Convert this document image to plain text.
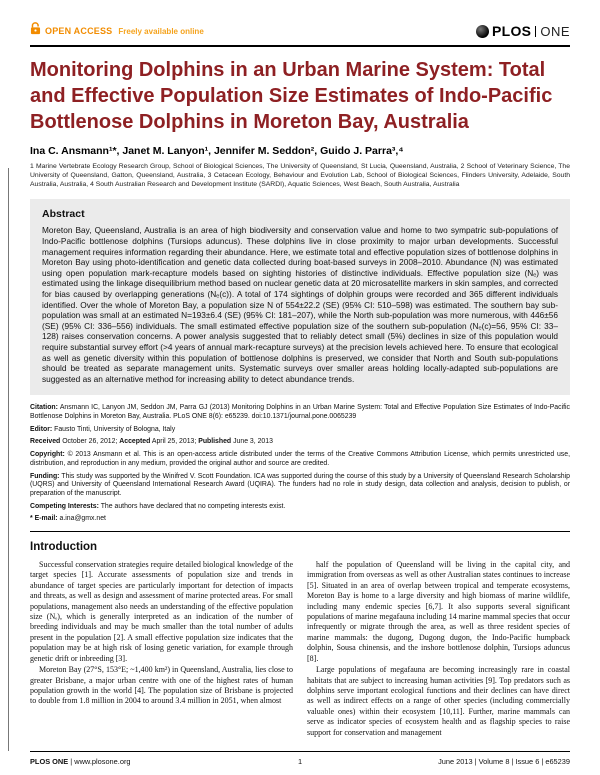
OPEN ACCESS Freely available online	PLOS ONE
Monitoring Dolphins in an Urban Marine System: Total and Effective Population Size Estimates of Indo-Pacific Bottlenose Dolphins in Moreton Bay, Australia
Ina C. Ansmann¹*, Janet M. Lanyon¹, Jennifer M. Seddon², Guido J. Parra³,⁴
1 Marine Vertebrate Ecology Research Group, School of Biological Sciences, The University of Queensland, St Lucia, Queensland, Australia, 2 School of Veterinary Science, The University of Queensland, Gatton, Queensland, Australia, 3 Cetacean Ecology, Behaviour and Evolution Lab, School of Biological Sciences, Flinders University, Adelaide, South Australia, Australia, 4 South Australian Research and Development Institute (SARDI), Aquatic Sciences, West Beach, South Australia, Australia
Abstract

Moreton Bay, Queensland, Australia is an area of high biodiversity and conservation value and home to two sympatric sub-populations of Indo-Pacific bottlenose dolphins (Tursiops aduncus). These dolphins live in close proximity to major urban developments. Successful management requires information regarding their abundance. Here, we estimate total and effective population sizes of bottlenose dolphins in Moreton Bay using photo-identification and genetic data collected during boat-based surveys in 2008–2010. Abundance (N) was estimated using open population mark-recapture models based on sighting histories of distinctive individuals. Effective population size (Nₑ) was estimated using the linkage disequilibrium method based on nuclear genetic data at 20 microsatellite markers in skin samples, and corrected for bias caused by overlapping generations (Nₑ(c)). A total of 174 sightings of dolphin groups were recorded and 365 different individuals identified. Over the whole of Moreton Bay, a population size N of 554±22.2 (SE) (95% CI: 510–598) was estimated. The southern bay sub-population was small at an estimated N=193±6.4 (SE) (95% CI: 181–207), while the North sub-population was more numerous, with 446±56 (SE) (95% CI: 336–556) individuals. The small estimated effective population size of the southern sub-population (Nₑ(c)=56, 95% CI: 33–128) raises conservation concerns. A power analysis suggested that to reliably detect small (5%) declines in size of this population would require substantial survey effort (>4 years of annual mark-recapture surveys) at the precision levels achieved here. To ensure that ecological as well as genetic diversity within this population of bottlenose dolphins is preserved, we consider that North and South sub-populations should be treated as separate management units. Systematic surveys over smaller areas holding locally-adapted sub-populations are suggested as an alternative method for increasing ability to detect abundance trends.

Citation: Ansmann IC, Lanyon JM, Seddon JM, Parra GJ (2013) Monitoring Dolphins in an Urban Marine System: Total and Effective Population Size Estimates of Indo-Pacific Bottlenose Dolphins in Moreton Bay, Australia. PLoS ONE 8(6): e65239. doi:10.1371/journal.pone.0065239

Editor: Fausto Tinti, University of Bologna, Italy

Received October 26, 2012; Accepted April 25, 2013; Published June 3, 2013

Copyright: © 2013 Ansmann et al. This is an open-access article distributed under the terms of the Creative Commons Attribution License, which permits unrestricted use, distribution, and reproduction in any medium, provided the original author and source are credited.

Funding: This study was supported by the Winifred V. Scott Foundation. ICA was supported during the course of this study by a University of Queensland Research Scholarship (UQRS) and University of Queensland International Research Award (UQIRA). The funders had no role in study design, data collection and analysis, decision to publish, or preparation of the manuscript.

Competing Interests: The authors have declared that no competing interests exist.

* E-mail: a.ina@gmx.net

Introduction

Successful conservation strategies require detailed biological knowledge of the target species [1]. Accurate assessments of population size and trends in abundance of target species are particularly important for detection of impacts and threats, as well as design and assessment of marine protected areas. For small populations, management also needs an understanding of the effective population size (Nₑ), which is generally interpreted as an indication of the number of breeding individuals and may be much smaller than the total number of adults present in the population [2]. A small effective population size indicates that the population may be at high risk of losing genetic variation, for example through genetic drift or inbreeding [3].

Moreton Bay (27°S, 153°E; ~1,400 km²) in Queensland, Australia, lies close to greater Brisbane, a major urban centre with one of the highest rates of human population growth in the world [4]. The population size of Brisbane is projected to double from 1.8 million in 2004 to around 3.4 million in 2051, when almost

half the population of Queensland will be living in the capital city, and immigration from overseas as well as other Australian states continues to increase [5]. Situated in an area of overlap between tropical and temperate ecosystems, Moreton Bay is home to a large diversity and high biomass of marine wildlife, including many endemic species [6,7]. It also supports several significant populations of marine megafauna including 14 marine mammal species that occur infrequently or migrate through the area, as well as three resident species of marine mammals: the dugong, Dugong dugon, the Indo-Pacific humpback dolphin, Sousa chinensis, and the inshore bottlenose dolphin, Tursiops aduncus [8].

Large populations of megafauna are becoming increasingly rare in coastal habitats that are subject to increasing human activities [9]. Top predators such as dolphins serve important ecological functions and their declines can have direct as well as indirect effects on a range of other species (including commercially valuable ones) within their ecosystem [10,11]. Further, marine mammals can serve as indicator species of ecosystem health and as flagship species to raise support for conservation and management

PLOS ONE | www.plosone.org	1	June 2013 | Volume 8 | Issue 6 | e65239
